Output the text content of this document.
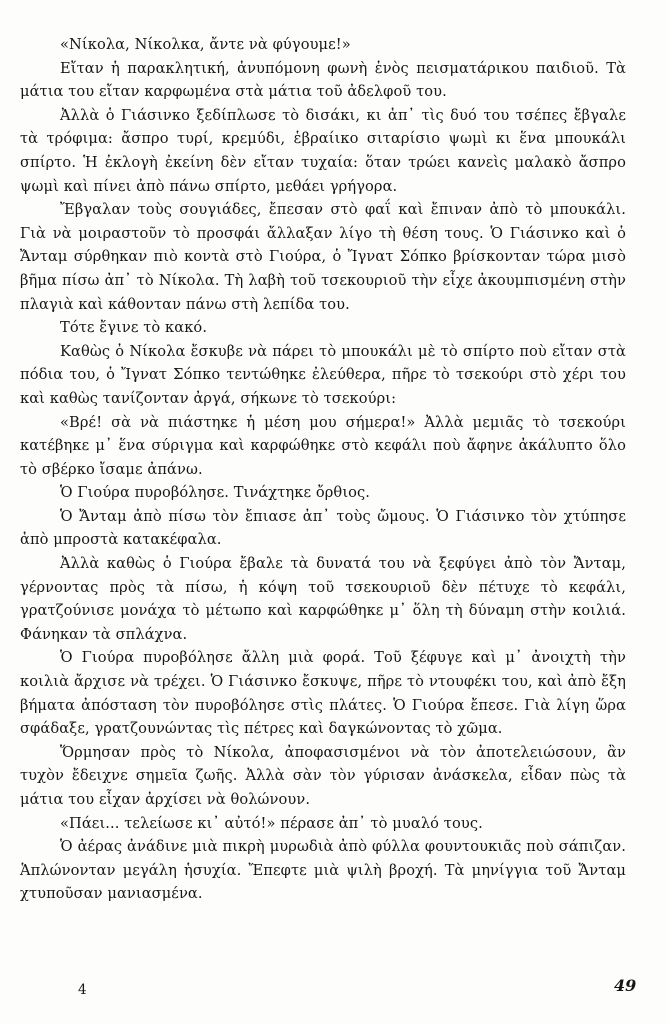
«Νίκολα, Νίκολκα, ἄντε νὰ φύγουμε!»

Εἴταν ἡ παρακλητική, ἀνυπόμονη φωνὴ ἑνὸς πεισματάρικου παιδιοῦ. Τὰ μάτια του εἴταν καρφωμένα στὰ μάτια τοῦ ἀδελφοῦ του.

Ἀλλὰ ὁ Γιάσινκο ξεδίπλωσε τὸ δισάκι, κι ἀπ᾽ τὶς δυό του τσέπες ἔβγαλε τὰ τρόφιμα: ἄσπρο τυρί, κρεμύδι, ἑβραίικο σιταρίσιο ψωμὶ κι ἕνα μπουκάλι σπίρτο. Ἡ ἐκλογὴ ἐκείνη δὲν εἴταν τυχαία: ὅταν τρώει κανεὶς μαλακὸ ἄσπρο ψωμὶ καὶ πίνει ἀπὸ πάνω σπίρτο, μεθάει γρήγορα.

Ἔβγαλαν τοὺς σουγιάδες, ἔπεσαν στὸ φαΐ καὶ ἔπιναν ἀπὸ τὸ μπουκάλι. Γιὰ νὰ μοιραστοῦν τὸ προσφάι ἄλλαξαν λίγο τὴ θέση τους. Ὁ Γιάσινκο καὶ ὁ Ἄνταμ σύρθηκαν πιὸ κοντὰ στὸ Γιούρα, ὁ Ἴγνατ Σόπκο βρίσκονταν τώρα μισὸ βῆμα πίσω ἀπ᾽ τὸ Νίκολα. Τὴ λαβὴ τοῦ τσεκουριοῦ τὴν εἶχε ἀκουμπισμένη στὴν πλαγιὰ καὶ κάθονταν πάνω στὴ λεπίδα του.

Τότε ἔγινε τὸ κακό.

Καθὼς ὁ Νίκολα ἔσκυβε νὰ πάρει τὸ μπουκάλι μὲ τὸ σπίρτο ποὺ εἴταν στὰ πόδια του, ὁ Ἴγνατ Σόπκο τεντώθηκε ἐλεύθερα, πῆρε τὸ τσεκούρι στὸ χέρι του καὶ καθὼς τανίζονταν ἀργά, σήκωνε τὸ τσεκούρι:

«Βρέ! σὰ νὰ πιάστηκε ἡ μέση μου σήμερα!» Ἀλλὰ μεμιᾶς τὸ τσεκούρι κατέβηκε μ᾽ ἕνα σύριγμα καὶ καρφώθηκε στὸ κεφάλι ποὺ ἄφηνε ἀκάλυπτο ὅλο τὸ σβέρκο ἴσαμε ἀπάνω.

Ὁ Γιούρα πυροβόλησε. Τινάχτηκε ὄρθιος.

Ὁ Ἄνταμ ἀπὸ πίσω τὸν ἔπιασε ἀπ᾽ τοὺς ὤμους. Ὁ Γιάσινκο τὸν χτύπησε ἀπὸ μπροστὰ κατακέφαλα.

Ἀλλὰ καθὼς ὁ Γιούρα ἔβαλε τὰ δυνατά του νὰ ξεφύγει ἀπὸ τὸν Ἄνταμ, γέρνοντας πρὸς τὰ πίσω, ἡ κόψη τοῦ τσεκουριοῦ δὲν πέτυχε τὸ κεφάλι, γρατζούνισε μονάχα τὸ μέτωπο καὶ καρφώθηκε μ᾽ ὅλη τὴ δύναμη στὴν κοιλιά. Φάνηκαν τὰ σπλάχνα.

Ὁ Γιούρα πυροβόλησε ἄλλη μιὰ φορά. Τοῦ ξέφυγε καὶ μ᾽ ἀνοιχτὴ τὴν κοιλιὰ ἄρχισε νὰ τρέχει. Ὁ Γιάσινκο ἔσκυψε, πῆρε τὸ ντουφέκι του, καὶ ἀπὸ ἔξη βήματα ἀπόσταση τὸν πυροβόλησε στὶς πλάτες. Ὁ Γιούρα ἔπεσε. Γιὰ λίγη ὥρα σφάδαξε, γρατζουνώντας τὶς πέτρες καὶ δαγκώνοντας τὸ χῶμα.

Ὅρμησαν πρὸς τὸ Νίκολα, ἀποφασισμένοι νὰ τὸν ἀποτελειώσουν, ἂν τυχὸν ἔδειχνε σημεῖα ζωῆς. Ἀλλὰ σὰν τὸν γύρισαν ἀνάσκελα, εἶδαν πὼς τὰ μάτια του εἶχαν ἀρχίσει νὰ θολώνουν.

«Πάει... τελείωσε κι᾽ αὐτό!» πέρασε ἀπ᾽ τὸ μυαλό τους.

Ὁ ἀέρας ἀνάδινε μιὰ πικρὴ μυρωδιὰ ἀπὸ φύλλα φουντουκιᾶς ποὺ σάπιζαν. Ἁπλώνονταν μεγάλη ἡσυχία. Ἔπεφτε μιὰ ψιλὴ βροχή. Τὰ μηνίγγια τοῦ Ἄνταμ χτυποῦσαν μανιασμένα.

4	49
